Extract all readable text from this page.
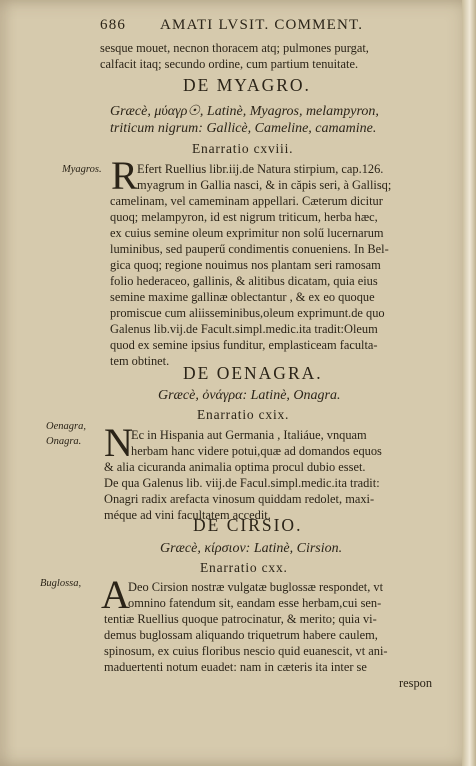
686 AMATI LVSIT. COMMENT.
sesque mouet, necnon thoracem atq; pulmones purgat,
calfacit itaq; secundo ordine, cum partium tenuitate.
DE MYAGRO.
Græcè, μύαγρ☉, Latinè, Myagros, melampyron,
triticum nigrum: Gallicè, Cameline, camamine.
Enarratio cxviii.
Efert Ruellius libr.iij.de Natura stirpium, cap.126.
myagrum in Gallia nasci, & in căpis seri, à Gallisq;
camelinam, vel cameminam appellari. Cæterum dicitur
quoq; melampyron, id est nigrum triticum, herba hæc,
ex cuius semine oleum exprimitur non solű lucernarum
luminibus, sed pauperű condimentis conueniens. In Bel-
gica quoq; regione nouimus nos plantam seri ramosam
folio hederaceo, gallinis, & alitibus dicatam, quia eius
semine maxime gallinæ oblectantur , & ex eo quoque
promiscue cum aliisseminibus,oleum exprimunt.de quo
Galenus lib.vij.de Facult.simpl.medic.ita tradit:Oleum
quod ex semine ipsius funditur, emplasticeam faculta-
tem obtinet.
DE OENAGRA.
Græcè, ὀνάγρα: Latinè, Onagra.
Enarratio cxix.
Ec in Hispania aut Germania , Italiáue, vnquam
herbam hanc videre potui,quæ ad domandos equos
& alia cicuranda animalia optima procul dubio esset.
De qua Galenus lib. viij.de Facul.simpl.medic.ita tradit:
Onagri radix arefacta vinosum quiddam redolet, maxi-
méque ad vini facultatem accedit.
DE CIRSIO.
Græcè, κίρσιον: Latinè, Cirsion.
Enarratio cxx.
Deo Cirsion nostræ vulgatæ buglossæ respondet, vt
omnino fatendum sit, eandam esse herbam,cui sen-
tentiæ Ruellius quoque patrocinatur, & merito; quia vi-
demus buglossam aliquando triquetrum habere caulem,
spinosum, ex cuius floribus nescio quid euanescit, vt ani-
maduertenti notum euadet: nam in cæteris ita inter se
respon
Myagros.
Oenagra,
Onagra.
Buglossa,
R
N
A
